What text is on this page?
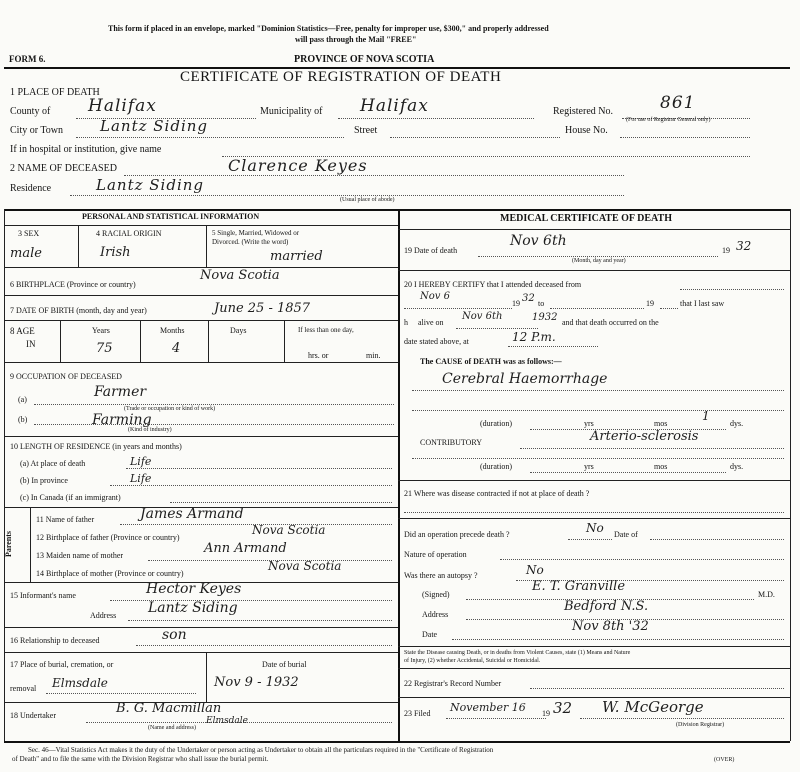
This form if placed in an envelope, marked "Dominion Statistics—Free, penalty for improper use, $300," and properly addressed
will pass through the Mail "FREE"
FORM 6.	PROVINCE OF NOVA SCOTIA
CERTIFICATE OF REGISTRATION OF DEATH
1 PLACE OF DEATH
County of Halifax	Municipality of Halifax	Registered No.	861
(For use of Registrar General only)
City or Town Lantz Siding	Street	House No.
If in hospital or institution, give name
2 NAME OF DECEASED	Clarence Keyes
Residence	Lantz Siding
(Usual place of abode)
PERSONAL AND STATISTICAL INFORMATION
3 SEX
male
4 RACIAL ORIGIN
Irish
5 Single, Married, Widowed or
Divorced. (Write the word)
married
6 BIRTHPLACE (Province or country)
Nova Scotia
7 DATE OF BIRTH (month, day and year)	June 25 - 1857
8 AGE
IN
Years
75
Months
4
Days	If less than one day,
hrs. or	min.
9 OCCUPATION OF DECEASED
(a)	Farmer
(Trade or occupation or kind of work)
(b)	Farming
(Kind of industry)
10 LENGTH OF RESIDENCE (in years and months)
(a) At place of death	Life
(b) In province	Life
(c) In Canada (if an immigrant)
Parents
11 Name of father	James Armand
12 Birthplace of father (Province or country)
Nova Scotia
13 Maiden name of mother	Ann Armand
14 Birthplace of mother (Province or country)
Nova Scotia
15 Informant's name	Hector Keyes
Address Lantz Siding
16 Relationship to deceased	son
17 Place of burial, cremation, or
removal Elmsdale
Date of burial
Nov 9 - 1932
18 Undertaker	B. G. Macmillan
Elmsdale
(Name and address)
MEDICAL CERTIFICATE OF DEATH
19 Date of death
Nov 6th
19 32
(Month, day and year)
20 I HEREBY CERTIFY that I attended deceased from
Nov 6
19 32 to	19	that I last saw
h alive on
Nov 6th	1932 and that death occurred on the
date stated above, at	12 P.m.
The CAUSE of DEATH was as follows:—
Cerebral Haemorrhage
(duration)	yrs	mos
1
dys.
CONTRIBUTORY	Arterio-sclerosis
(duration)	yrs	mos	dys.
21 Where was disease contracted if not at place of death ?
Did an operation precede death ?	No Date of
Nature of operation
Was there an autopsy ?	No
(Signed)
E. T. Granville
M.D.
Address
Bedford N.S.
Date
Nov 8th '32
State the Disease causing Death, or in deaths from Violent Causes, state (1) Means and Nature
of Injury, (2) whether Accidental, Suicidal or Homicidal.
22 Registrar's Record Number
23 Filed November 16 19 32 W. McGeorge
(Division Registrar)
Sec. 46—Vital Statistics Act makes it the duty of the Undertaker or person acting as Undertaker to obtain all the particulars required in the "Certificate of Registration
of Death" and to file the same with the Division Registrar who shall issue the burial permit.	(OVER)
